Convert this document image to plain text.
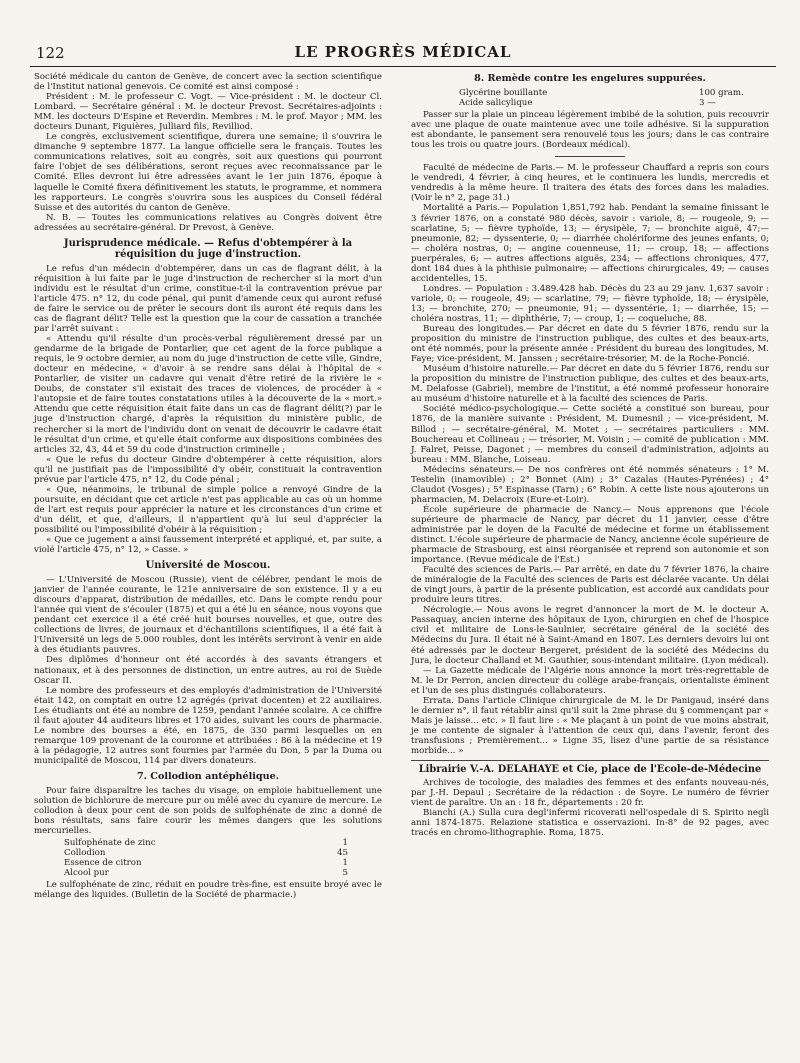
122	LE PROGRÈS MÉDICAL

Société médicale du canton de Genève, de concert avec la section scientifique de l'Institut national genevois. Ce comité est ainsi composé :

Président : M. le professeur C. Vogt. — Vice-président : M. le docteur Cl. Lombard. — Secrétaire général : M. le docteur Prevost. Secrétaires-adjoints : MM. les docteurs D'Espine et Reverdin. Membres : M. le prof. Mayor ; MM. les docteurs Dunant, Figuières, Julliard fils, Revilliod.

Le congrès, exclusivement scientifique, durera une semaine; il s'ouvrira le dimanche 9 septembre 1877. La langue officielle sera le français. Toutes les communications relatives, soit au congrès, soit aux questions qui pourront faire l'objet de ses délibérations, seront reçues avec reconnaissance par le Comité. Elles devront lui être adressées avant le 1er juin 1876, époque à laquelle le Comité fixera définitivement les statuts, le programme, et nommera les rapporteurs. Le congrès s'ouvrira sous les auspices du Conseil fédéral Suisse et des autorités du canton de Genève.

N. B. — Toutes les communications relatives au Congrès doivent être adressées au secrétaire-général. Dr Prevost, à Genève.

Jurisprudence médicale. — Refus d'obtempérer à la réquisition du juge d'instruction.

Le refus d'un médecin d'obtempérer, dans un cas de flagrant délit, à la réquisition à lui faite par le juge d'instruction de rechercher si la mort d'un individu est le résultat d'un crime, constitue-t-il la contravention prévue par l'article 475. n° 12, du code pénal, qui punit d'amende ceux qui auront refusé de faire le service ou de prêter le secours dont ils auront été requis dans les cas de flagrant délit? Telle est la question que la cour de cassation a tranchée par l'arrêt suivant :

« Attendu qu'il résulte d'un procès-verbal régulièrement dressé par un gendarme de la brigade de Pontarlier, que cet agent de la force publique a requis, le 9 octobre dernier, au nom du juge d'instruction de cette ville, Gindre, docteur en médecine, « d'avoir à se rendre sans délai à l'hôpital de « Pontarlier, de visiter un cadavre qui venait d'être retiré de la rivière le « Doubs, de constater s'il existait des traces de violences, de procéder à « l'autopsie et de faire toutes constatations utiles à la découverte de la « mort.» Attendu que cette réquisition était faite dans un cas de flagrant délit(?) par le juge d'instruction chargé, d'après la réquisition du ministère public, de rechercher si la mort de l'individu dont on venait de découvrir le cadavre était le résultat d'un crime, et qu'elle était conforme aux dispositions combinées des articles 32, 43, 44 et 59 du code d'instruction criminelle ;

« Que le refus du docteur Gindre d'obtempérer à cette réquisition, alors qu'il ne justifiait pas de l'impossibilité d'y obéir, constituait la contravention prévue par l'article 475, n° 12, du Code pénal ;

« Que, néanmoins, le tribunal de simple police a renvoyé Gindre de la poursuite, en décidant que cet article n'est pas applicable au cas où un homme de l'art est requis pour apprécier la nature et les circonstances d'un crime et d'un délit, et que, d'ailleurs, il n'appartient qu'à lui seul d'apprécier la possibilité ou l'impossibilité d'obéir à la réquisition ;

« Que ce jugement a ainsi faussement interprété et appliqué, et, par suite, a violé l'article 475, n° 12, » Casse. »

Université de Moscou.

— L'Université de Moscou (Russie), vient de célébrer, pendant le mois de janvier de l'année courante, le 121e anniversaire de son existence. Il y a eu discours d'apparat, distribution de médailles, etc. Dans le compte rendu pour l'année qui vient de s'écouler (1875) et qui a été lu en séance, nous voyons que pendant cet exercice il a été créé huit bourses nouvelles, et que, outre des collections de livres, de journaux et d'échantillons scientifiques, il a été fait à l'Université un legs de 5.000 roubles, dont les intérêts serviront à venir en aide à des étudiants pauvres.

Des diplômes d'honneur ont été accordés à des savants étrangers et nationaux, et à des personnes de distinction, un entre autres, au roi de Suède Oscar II.

Le nombre des professeurs et des employés d'administration de l'Université était 142, on comptait en outre 12 agrégés (privat docenten) et 22 auxiliaires. Les étudiants ont été au nombre de 1259, pendant l'année scolaire. A ce chiffre il faut ajouter 44 auditeurs libres et 170 aides, suivant les cours de pharmacie. Le nombre des bourses a été, en 1875, de 330 parmi lesquelles on en remarque 109 provenant de la couronne et attribuées : 86 à la médecine et 19 à la pédagogie, 12 autres sont fournies par l'armée du Don, 5 par la Duma ou municipalité de Moscou, 114 par divers donateurs.

7. Collodion antéphélique.

Pour faire disparaître les taches du visage, on emploie habituellement une solution de bichlorure de mercure pur ou mêlé avec du cyanure de mercure. Le collodion à deux pour cent de son poids de sulfophénate de zinc a donné de bons résultats, sans faire courir les mêmes dangers que les solutions mercurielles.

Sulfophénate de zinc	1
Collodion	45
Essence de citron	1
Alcool pur	5

Le sulfophénate de zinc, réduit en poudre très-fine, est ensuite broyé avec le mélange des liquides. (Bulletin de la Société de pharmacie.)

8. Remède contre les engelures suppurées.
Glycérine bouillante	100 gram.
Acide salicylique	3 —

Passer sur la plaie un pinceau légèrement imbibé de la solution, puis recouvrir avec une plaque de ouate maintenue avec une toile adhésive. Si la suppuration est abondante, le pansement sera renouvelé tous les jours; dans le cas contraire tous les trois ou quatre jours. (Bordeaux médical).

Faculté de médecine de Paris.— M. le professeur Chauffard a repris son cours le vendredi, 4 février, à cinq heures, et le continuera les lundis, mercredis et vendredis à la même heure. Il traitera des états des forces dans les maladies. (Voir le n° 2, page 31.)

Mortalité a Paris.— Population 1,851,792 hab. Pendant la semaine finissant le 3 février 1876, on a constaté 980 décès, savoir : variole, 8; — rougeole, 9; — scarlatine, 5; — fièvre typhoïde, 13; — érysipèle, 7; — bronchite aiguë, 47;— pneumonie, 82; — dyssenterie, 0; — diarrhée cholériforme des jeunes enfants, 0; — choléra nostras, 0; — angine couenneuse, 11; — croup, 18; — affections puerpérales, 6; — autres affections aiguës, 234; — affections chroniques, 477, dont 184 dues à la phthisie pulmonaire; — affections chirurgicales, 49; — causes accidentelles, 15.

Londres. — Population : 3.489.428 hab. Décès du 23 au 29 janv. 1,637 savoir : variole, 0; — rougeole, 49; — scarlatine, 79; — fièvre typhoïde, 18; — érysipèle, 13; — bronchite, 270; — pneumonie, 91; — dyssentérie, 1; — diarrhée, 15; — choléra nostras, 11; — diphthérie, 7; — croup, 1; — coqueluche, 88.

Bureau des longitudes.— Par décret en date du 5 février 1876, rendu sur la proposition du ministre de l'instruction publique, des cultes et des beaux-arts, ont été nommés, pour la présente année : Président du bureau des longitudes, M. Faye; vice-président, M. Janssen ; secrétaire-trésorier, M. de la Roche-Poncié.

Muséum d'histoire naturelle.— Par décret en date du 5 février 1876, rendu sur la proposition du ministre de l'instruction publique, des cultes et des beaux-arts, M. Delafosse (Gabriel), membre de l'institut, a été nommé professeur honoraire au muséum d'histoire naturelle et à la faculté des sciences de Paris.

Société médico-psychologique.— Cette société a constitué son bureau, pour 1876, de la manière suivante : Président, M. Dumesnil ; — vice-président, M. Billod ; — secrétaire-général, M. Motet ; — secrétaires particuliers : MM. Bouchereau et Collineau ; — trésorier, M. Voisin ; — comité de publication : MM. J. Falret, Peisse, Dagonet ; — membres du conseil d'administration, adjoints au bureau : MM. Blanche, Loiseau.

Médecins sénateurs.— De nos confrères ont été nommés sénateurs : 1° M. Testelin (inamovible) ; 2° Bonnet (Ain) ; 3° Cazalas (Hautes-Pyrénées) ; 4° Claudot (Vosges) ; 5° Espinasse (Tarn) ; 6° Robin. A cette liste nous ajouterons un pharmacien, M. Delacroix (Eure-et-Loir).

École supérieure de pharmacie de Nancy.— Nous apprenons que l'école supérieure de pharmacie de Nancy, par décret du 11 janvier, cesse d'être administrée par le doyen de la Faculté de médecine et forme un établissement distinct. L'école supérieure de pharmacie de Nancy, ancienne école supérieure de pharmacie de Strasbourg, est ainsi réorganisée et reprend son autonomie et son importance. (Revue médicale de l'Est.)

Faculté des sciences de Paris.— Par arrêté, en date du 7 février 1876, la chaire de minéralogie de la Faculté des sciences de Paris est déclarée vacante. Un délai de vingt jours, à partir de la présente publication, est accordé aux candidats pour produire leurs titres.

Nécrologie.— Nous avons le regret d'annoncer la mort de M. le docteur A. Passaquay, ancien interne des hôpitaux de Lyon, chirurgien en chef de l'hospice civil et militaire de Lons-le-Saulnier, secrétaire général de la société des Médecins du Jura. Il était né à Saint-Amand en 1807. Les derniers devoirs lui ont été adressés par le docteur Bergeret, président de la société des Médecins du Jura, le docteur Challand et M. Gauthier, sous-intendant militaire. (Lyon médical).

— La Gazette médicale de l'Algérie nous annonce la mort très-regrettable de M. le Dr Perron, ancien directeur du collège arabe-français, orientaliste éminent et l'un de ses plus distingués collaborateurs.

Errata. Dans l'article Clinique chirurgicale de M. le Dr Panigaud, inséré dans le dernier n°, il faut rétablir ainsi qu'il suit la 2me phrase du § commençant par « Mais je laisse... etc. » Il faut lire : « Me plaçant à un point de vue moins abstrait, je me contente de signaler à l'attention de ceux qui, dans l'avenir, feront des transfusions ; Premièrement... » Ligne 35, lisez d'une partie de sa résistance morbide... »

Librairie V.-A. DELAHAYE et Cie, place de l'Ecole-de-Médecine

Archives de tocologie, des maladies des femmes et des enfants nouveau-nés, par J.-H. Depaul ; Secrétaire de la rédaction : de Soyre. Le numéro de février vient de paraître. Un an : 18 fr., départements : 20 fr.

Bianchi (A.) Sulla cura degl'infermi ricoverati nell'ospedale di S. Spirito negli anni 1874-1875. Relazione statistica e osservazioni. In-8° de 92 pages, avec tracés en chromo-lithographie. Roma, 1875.
